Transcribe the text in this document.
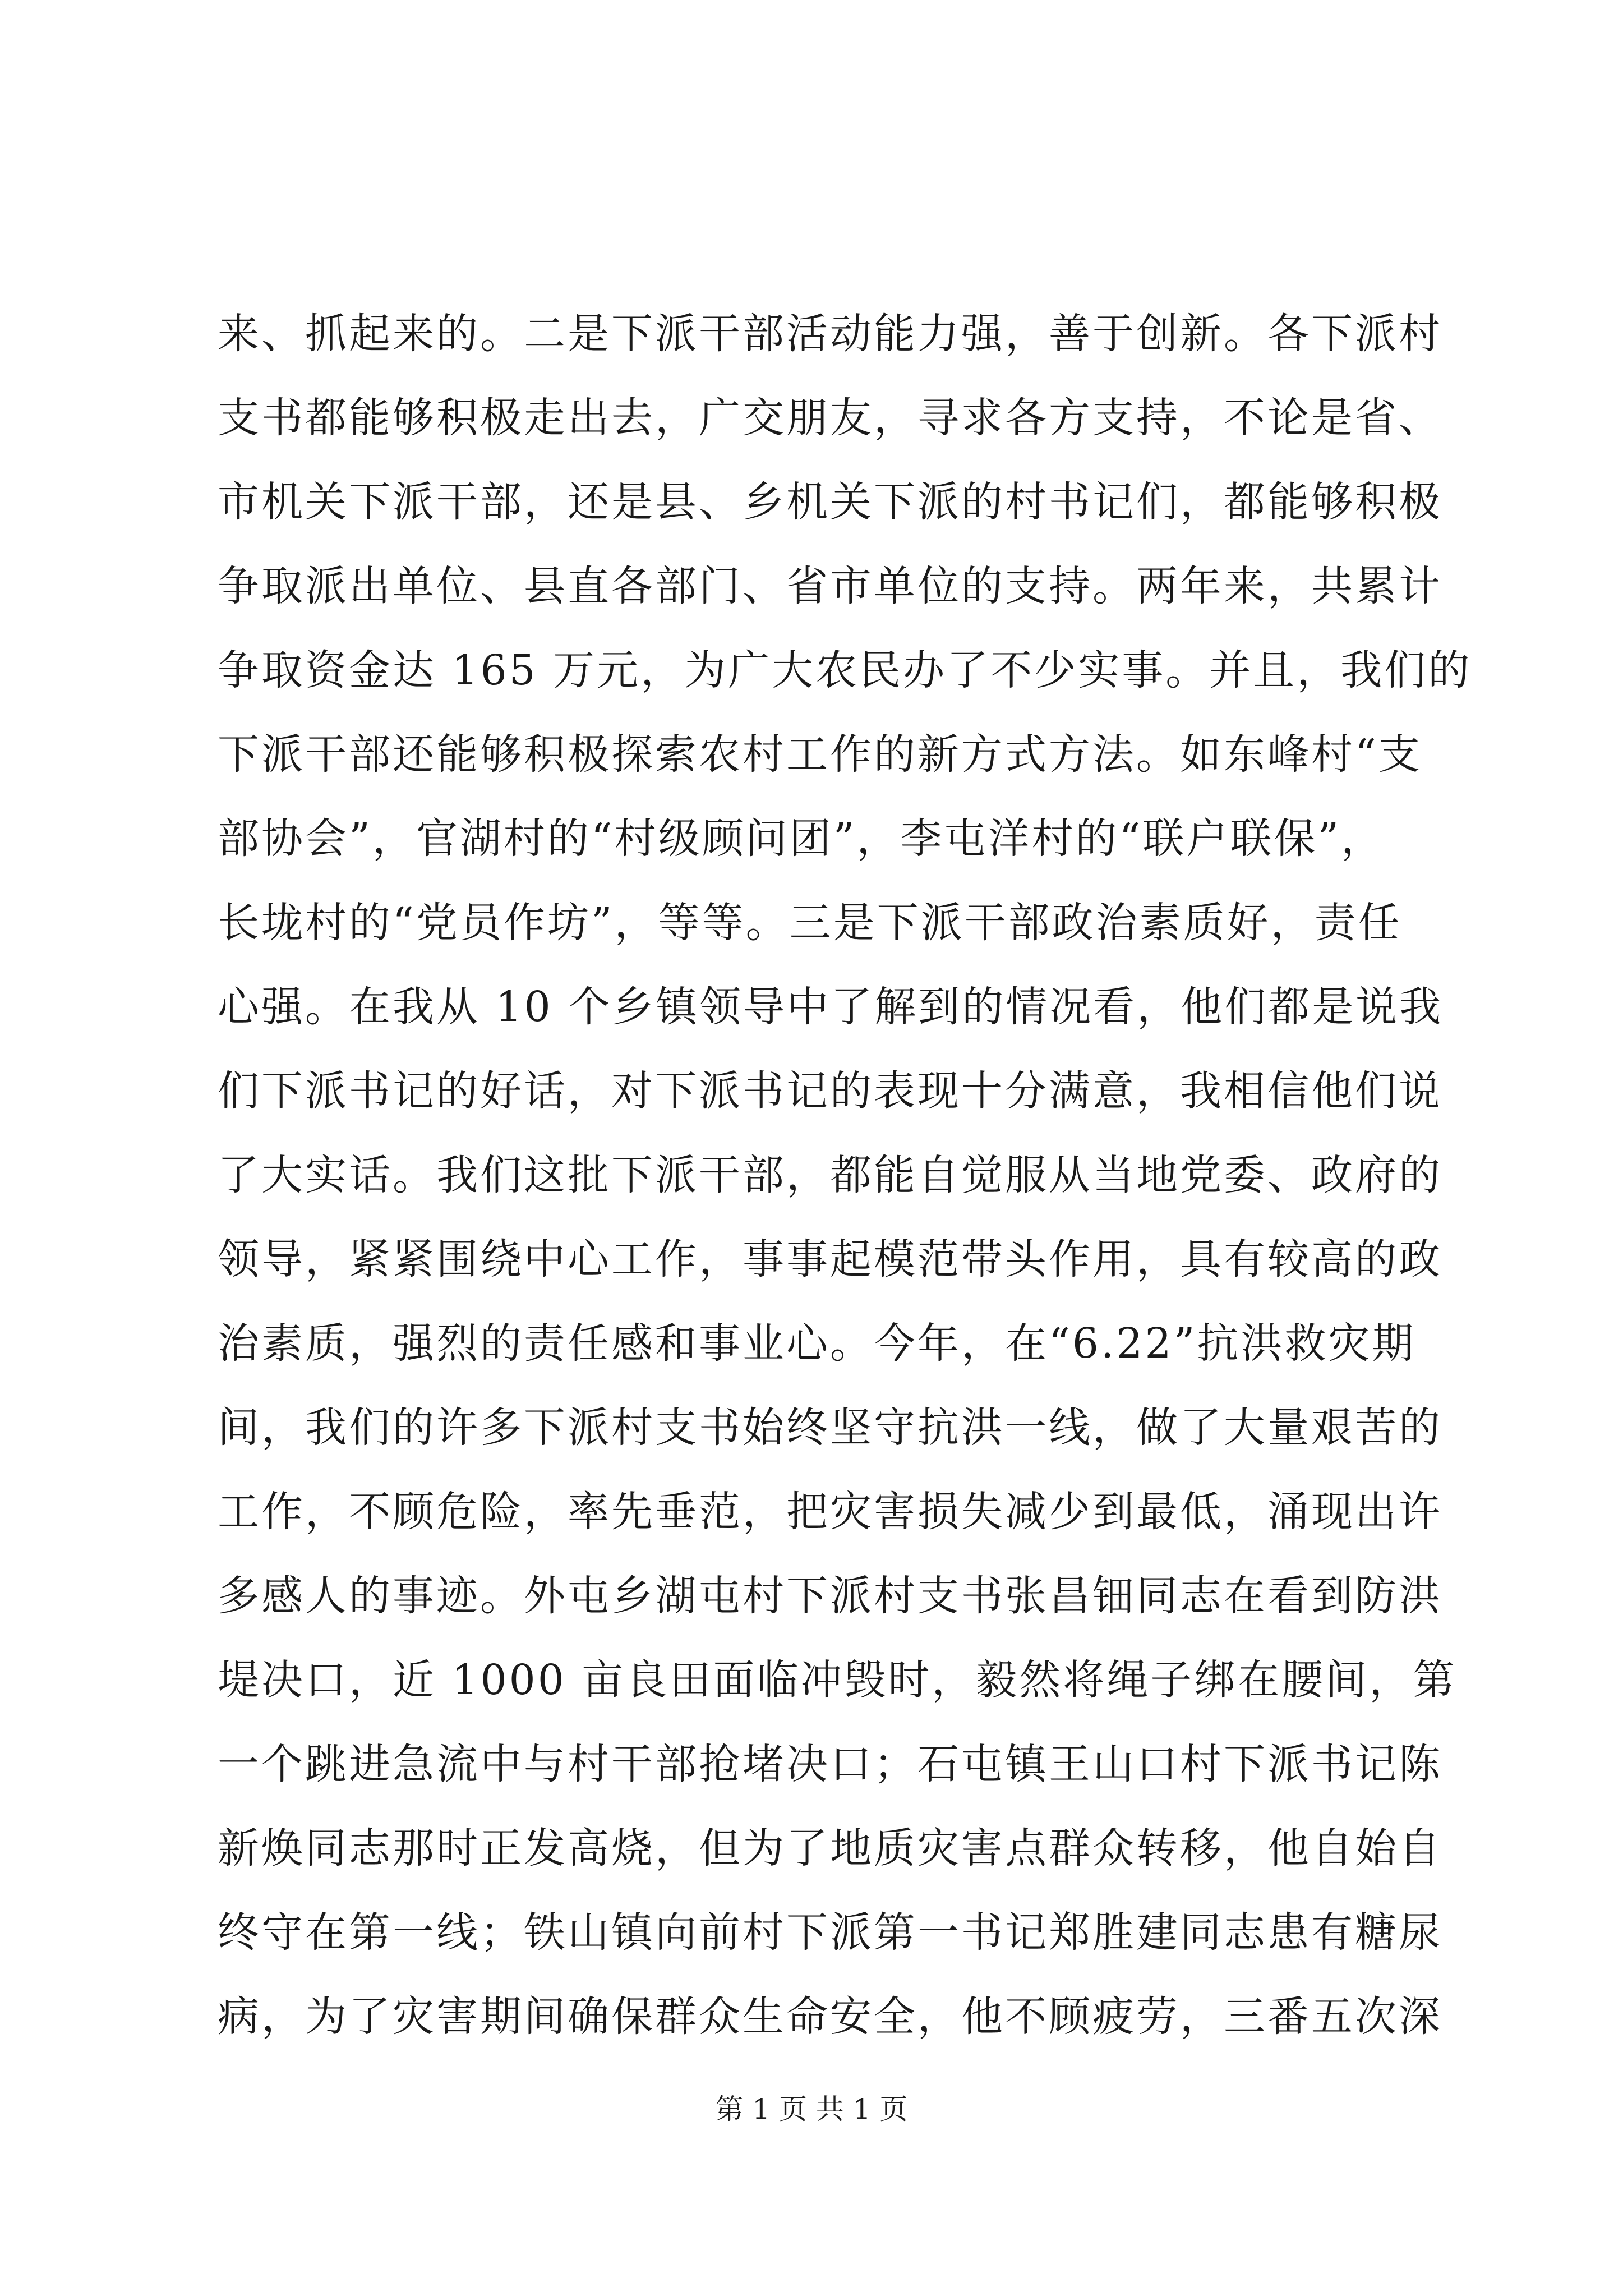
来、抓起来的。二是下派干部活动能力强，善于创新。各下派村
支书都能够积极走出去，广交朋友，寻求各方支持，不论是省、
市机关下派干部，还是县、乡机关下派的村书记们，都能够积极
争取派出单位、县直各部门、省市单位的支持。两年来，共累计
争取资金达 165 万元，为广大农民办了不少实事。并且，我们的
下派干部还能够积极探索农村工作的新方式方法。如东峰村“支
部协会”，官湖村的“村级顾问团”，李屯洋村的“联户联保”，
长垅村的“党员作坊”，等等。三是下派干部政治素质好，责任
心强。在我从 10 个乡镇领导中了解到的情况看，他们都是说我
们下派书记的好话，对下派书记的表现十分满意，我相信他们说
了大实话。我们这批下派干部，都能自觉服从当地党委、政府的
领导，紧紧围绕中心工作，事事起模范带头作用，具有较高的政
治素质，强烈的责任感和事业心。今年，在“6.22”抗洪救灾期
间，我们的许多下派村支书始终坚守抗洪一线，做了大量艰苦的
工作，不顾危险，率先垂范，把灾害损失减少到最低，涌现出许
多感人的事迹。外屯乡湖屯村下派村支书张昌钿同志在看到防洪
堤决口，近 1000 亩良田面临冲毁时，毅然将绳子绑在腰间，第
一个跳进急流中与村干部抢堵决口；石屯镇王山口村下派书记陈
新焕同志那时正发高烧，但为了地质灾害点群众转移，他自始自
终守在第一线；铁山镇向前村下派第一书记郑胜建同志患有糖尿
病，为了灾害期间确保群众生命安全，他不顾疲劳，三番五次深
第 1 页 共 1 页
